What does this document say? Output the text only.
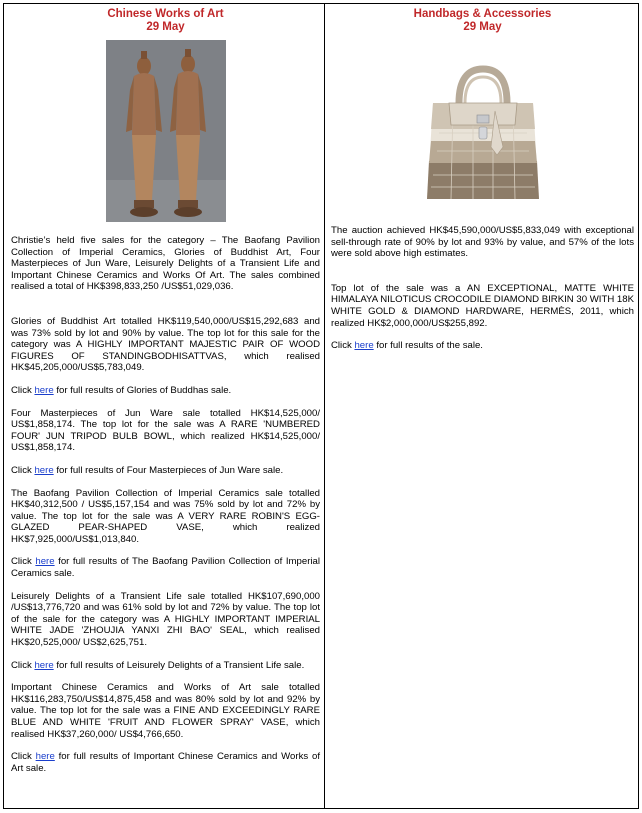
Chinese Works of Art
29 May

Christie’s held five sales for the category – The Baofang Pavilion Collection of Imperial Ceramics, Glories of Buddhist Art, Four Masterpieces of Jun Ware, Leisurely Delights of a Transient Life and Important Chinese Ceramics and Works Of Art. The sales combined realised a total of HK$398,833,250 /US$51,029,036.

Glories of Buddhist Art totalled HK$119,540,000/US$15,292,683 and was 73% sold by lot and 90% by value. The top lot for this sale for the category was A HIGHLY IMPORTANT MAJESTIC PAIR OF WOOD FIGURES OF STANDINGBODHISATTVAS, which realised HK$45,205,000/US$5,783,049.

Click here for full results of Glories of Buddhas sale.

Four Masterpieces of Jun Ware sale totalled HK$14,525,000/ US$1,858,174. The top lot for the sale was A RARE 'NUMBERED FOUR' JUN TRIPOD BULB BOWL, which realized HK$14,525,000/ US$1,858,174.

Click here for full results of Four Masterpieces of Jun Ware sale.

The Baofang Pavilion Collection of Imperial Ceramics sale totalled HK$40,312,500 / US$5,157,154 and was 75% sold by lot and 72% by value. The top lot for the sale was A VERY RARE ROBIN'S EGG-GLAZED PEAR-SHAPED VASE, which realized HK$7,925,000/US$1,013,840.

Click here for full results of The Baofang Pavilion Collection of Imperial Ceramics sale.

Leisurely Delights of a Transient Life sale totalled HK$107,690,000 /US$13,776,720 and was 61% sold by lot and 72% by value. The top lot of the sale for the category was A HIGHLY IMPORTANT IMPERIAL WHITE JADE 'ZHOUJIA YANXI ZHI BAO' SEAL, which realised HK$20,525,000/ US$2,625,751.

Click here for full results of Leisurely Delights of a Transient Life sale.

Important Chinese Ceramics and Works of Art sale totalled HK$116,283,750/US$14,875,458 and was 80% sold by lot and 92% by value. The top lot for the sale was a FINE AND EXCEEDINGLY RARE BLUE AND WHITE 'FRUIT AND FLOWER SPRAY' VASE, which realised HK$37,260,000/ US$4,766,650.

Click here for full results of Important Chinese Ceramics and Works of Art sale.

Handbags & Accessories
29 May

The auction achieved HK$45,590,000/US$5,833,049 with exceptional sell-through rate of 90% by lot and 93% by value, and 57% of the lots were sold above high estimates.

Top lot of the sale was a AN EXCEPTIONAL, MATTE WHITE HIMALAYA NILOTICUS CROCODILE DIAMOND BIRKIN 30 WITH 18K WHITE GOLD & DIAMOND HARDWARE, HERMÈS, 2011, which realized HK$2,000,000/US$255,892.

Click here for full results of the sale.
